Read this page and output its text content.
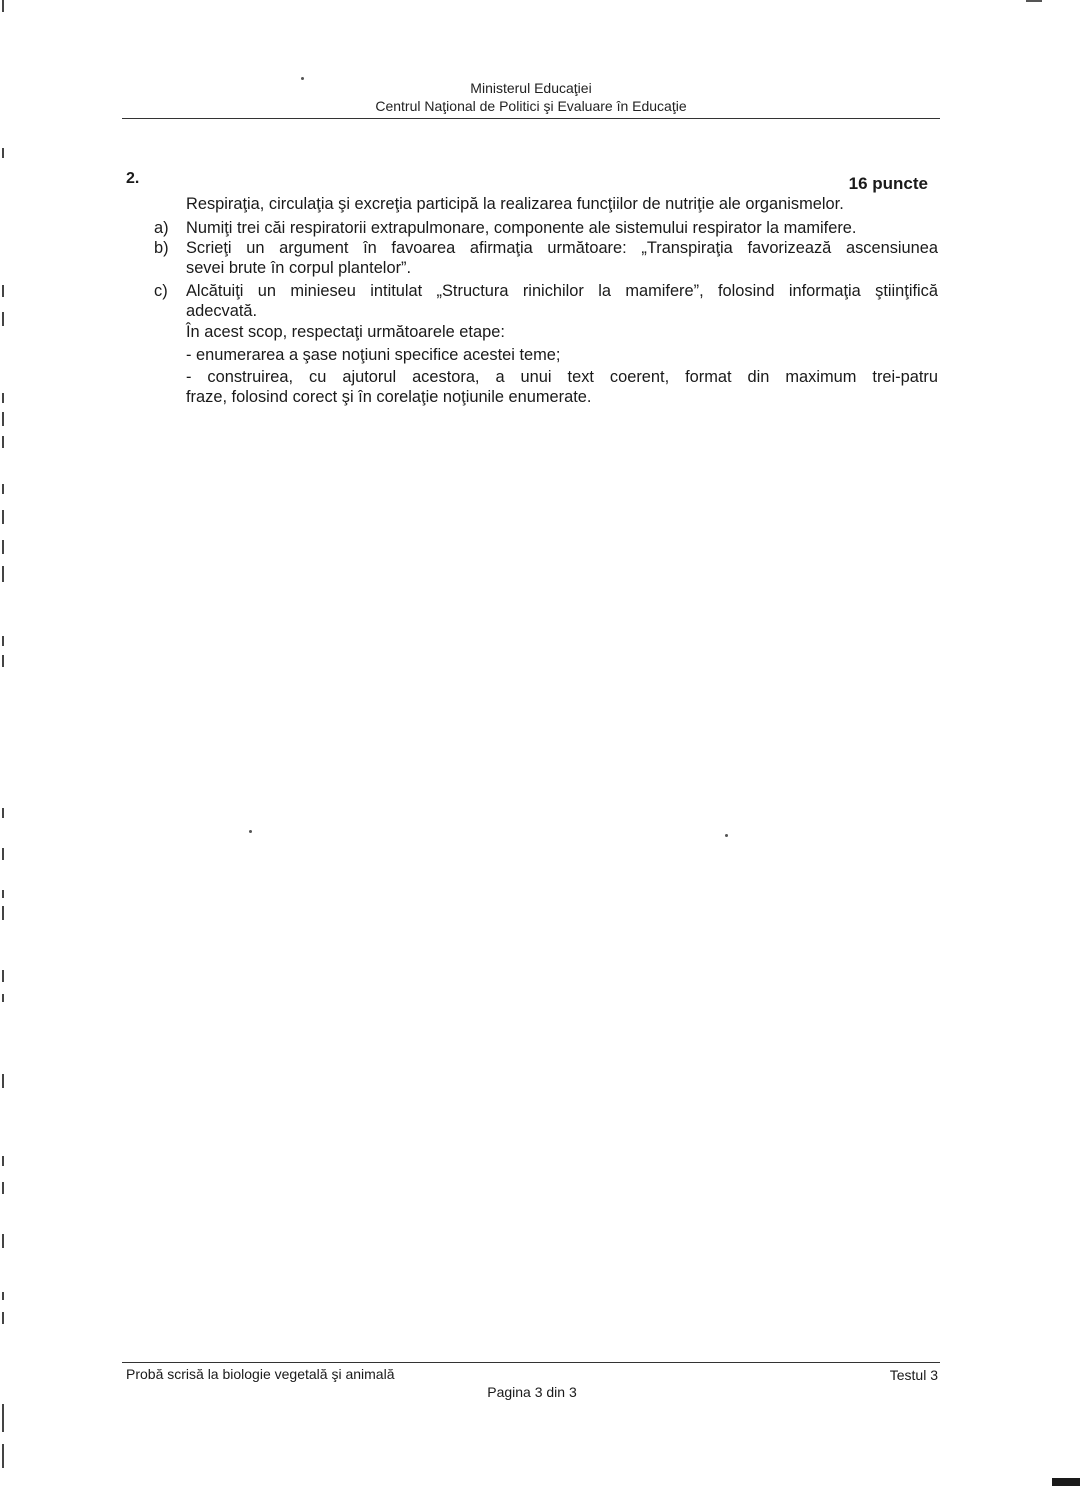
Ministerul Educaţiei
Centrul Naţional de Politici şi Evaluare în Educaţie
2.	16 puncte
Respiraţia, circulaţia şi excreţia participă la realizarea funcţiilor de nutriţie ale organismelor.
a) Numiţi trei căi respiratorii extrapulmonare, componente ale sistemului respirator la mamifere.
b) Scrieţi un argument în favoarea afirmaţia următoare: „Transpiraţia favorizează ascensiunea
sevei brute în corpul plantelor”.
c) Alcătuiţi un minieseu intitulat „Structura rinichilor la mamifere”, folosind informaţia ştiinţifică
adecvată.
În acest scop, respectaţi următoarele etape:
- enumerarea a şase noţiuni specifice acestei teme;
- construirea, cu ajutorul acestora, a unui text coerent, format din maximum trei-patru
fraze, folosind corect şi în corelaţie noţiunile enumerate.
Probă scrisă la biologie vegetală şi animală	Testul 3
Pagina 3 din 3
